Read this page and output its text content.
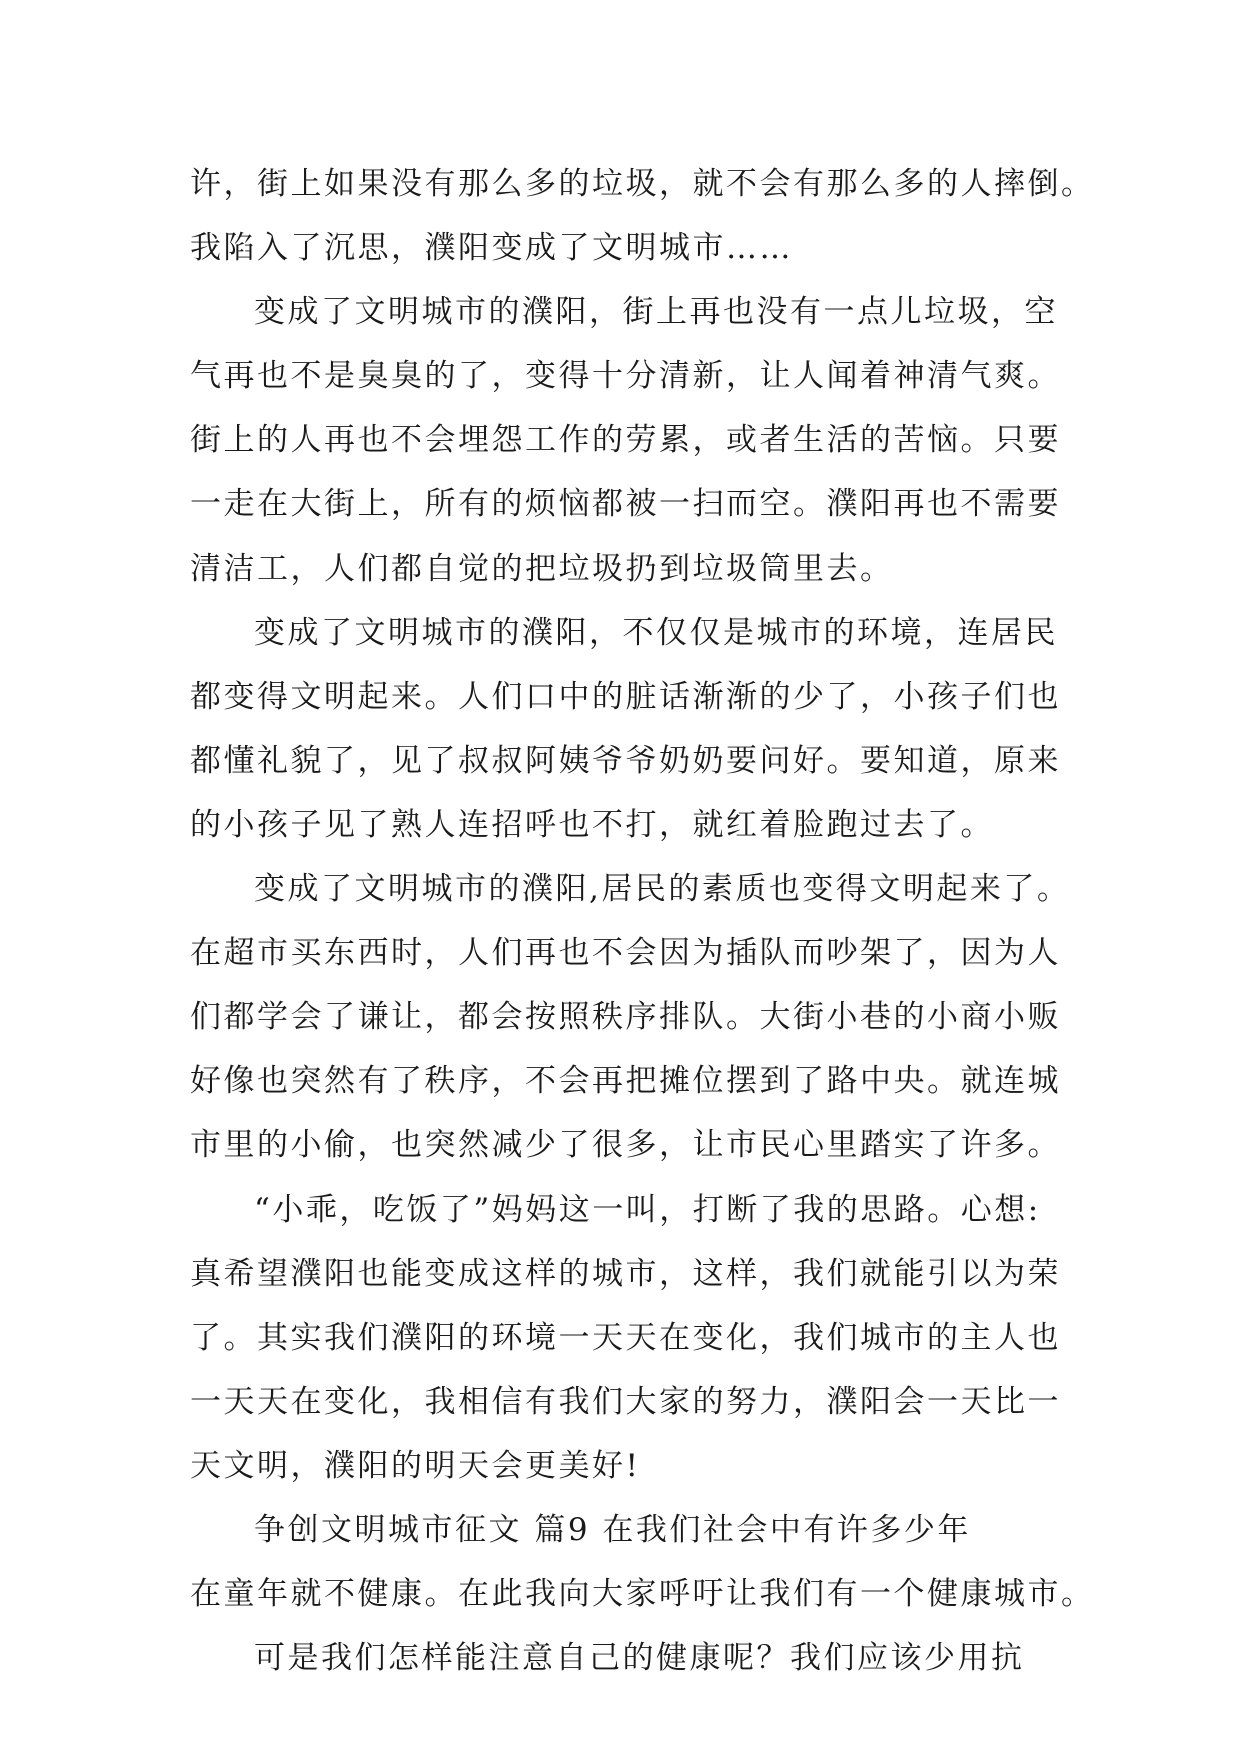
许，街上如果没有那么多的垃圾，就不会有那么多的人摔倒。
我陷入了沉思，濮阳变成了文明城市……
变成了文明城市的濮阳，街上再也没有一点儿垃圾，空
气再也不是臭臭的了，变得十分清新，让人闻着神清气爽。
街上的人再也不会埋怨工作的劳累，或者生活的苦恼。只要
一走在大街上，所有的烦恼都被一扫而空。濮阳再也不需要
清洁工，人们都自觉的把垃圾扔到垃圾筒里去。
变成了文明城市的濮阳，不仅仅是城市的环境，连居民
都变得文明起来。人们口中的脏话渐渐的少了，小孩子们也
都懂礼貌了，见了叔叔阿姨爷爷奶奶要问好。要知道，原来
的小孩子见了熟人连招呼也不打，就红着脸跑过去了。
变成了文明城市的濮阳,居民的素质也变得文明起来了。
在超市买东西时，人们再也不会因为插队而吵架了，因为人
们都学会了谦让，都会按照秩序排队。大街小巷的小商小贩
好像也突然有了秩序，不会再把摊位摆到了路中央。就连城
市里的小偷，也突然减少了很多，让市民心里踏实了许多。
“小乖，吃饭了”妈妈这一叫，打断了我的思路。心想:
真希望濮阳也能变成这样的城市，这样，我们就能引以为荣
了。其实我们濮阳的环境一天天在变化，我们城市的主人也
一天天在变化，我相信有我们大家的努力，濮阳会一天比一
天文明，濮阳的明天会更美好!
争创文明城市征文 篇9 在我们社会中有许多少年
在童年就不健康。在此我向大家呼吁让我们有一个健康城市。
可是我们怎样能注意自己的健康呢？我们应该少用抗
